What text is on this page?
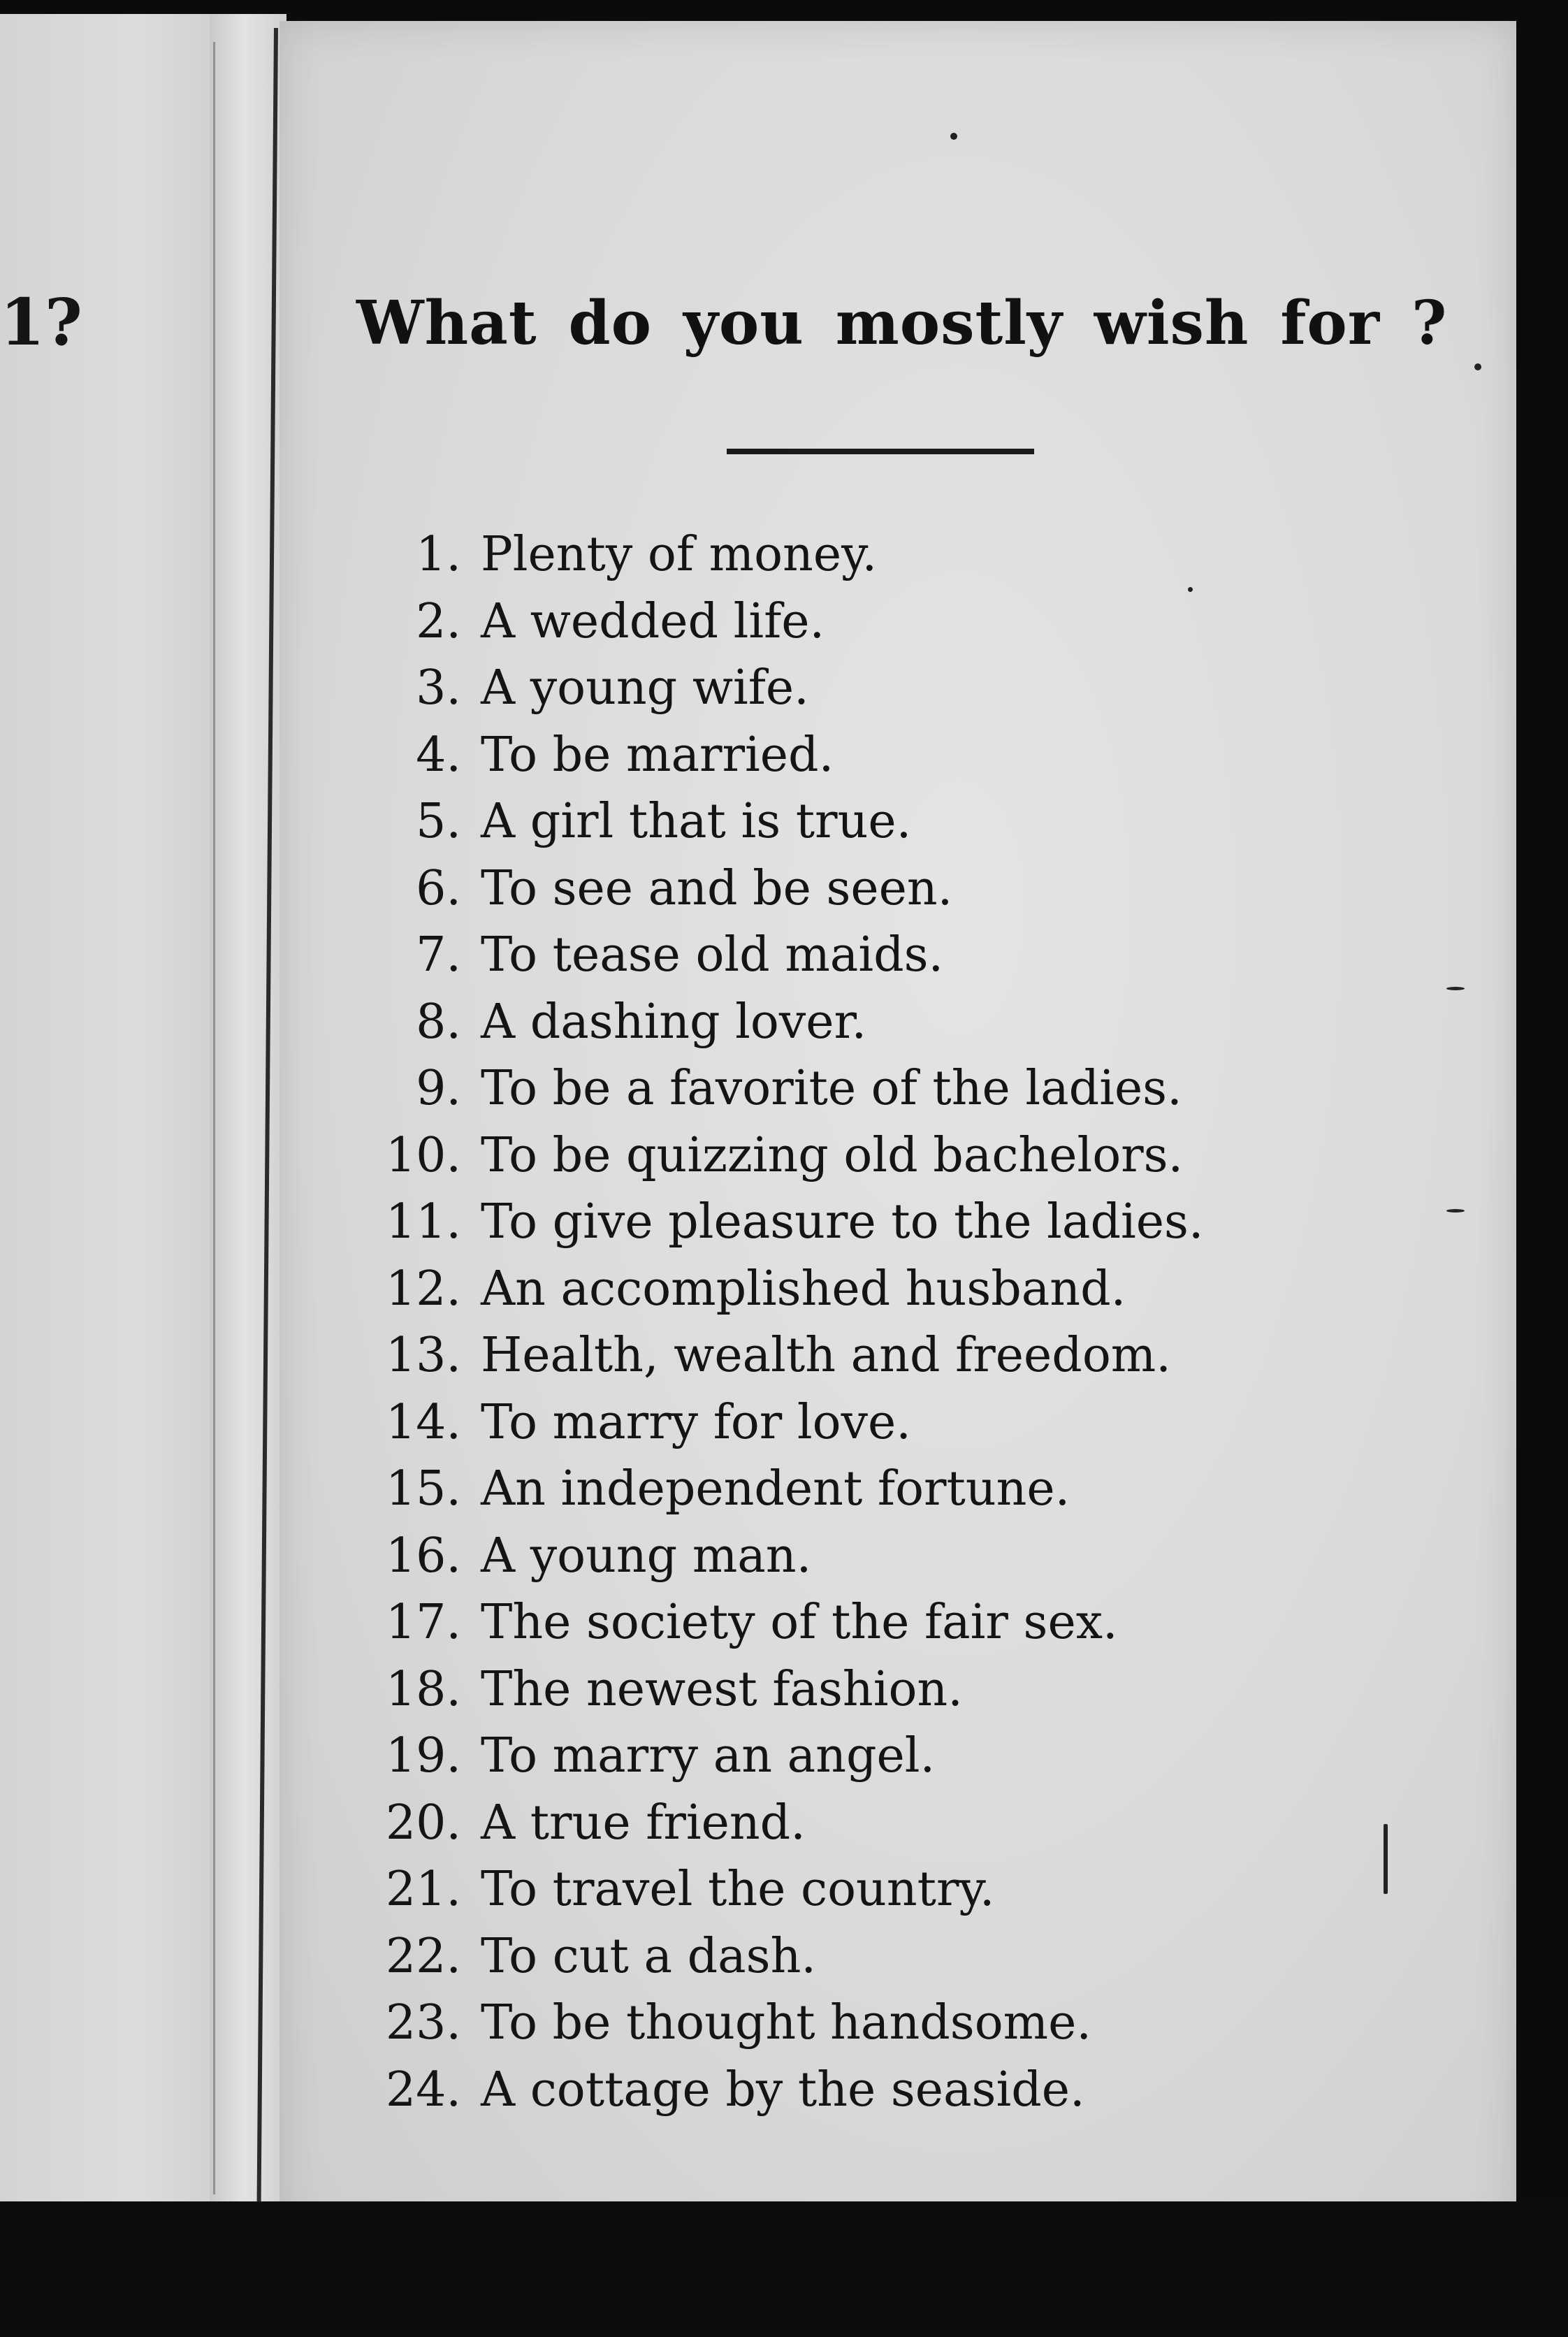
1?	What do you mostly wish for ?
1. Plenty of money.
2. A wedded life.
3. A young wife.
4. To be married.
5. A girl that is true.
6. To see and be seen.
7. To tease old maids.
8. A dashing lover.
9. To be a favorite of the ladies.
10. To be quizzing old bachelors.
11. To give pleasure to the ladies.
12. An accomplished husband.
13. Health, wealth and freedom.
14. To marry for love.
15. An independent fortune.
16. A young man.
17. The society of the fair sex.
18. The newest fashion.
19. To marry an angel.
20. A true friend.
21. To travel the country.
22. To cut a dash.
23. To be thought handsome.
24. A cottage by the seaside.
